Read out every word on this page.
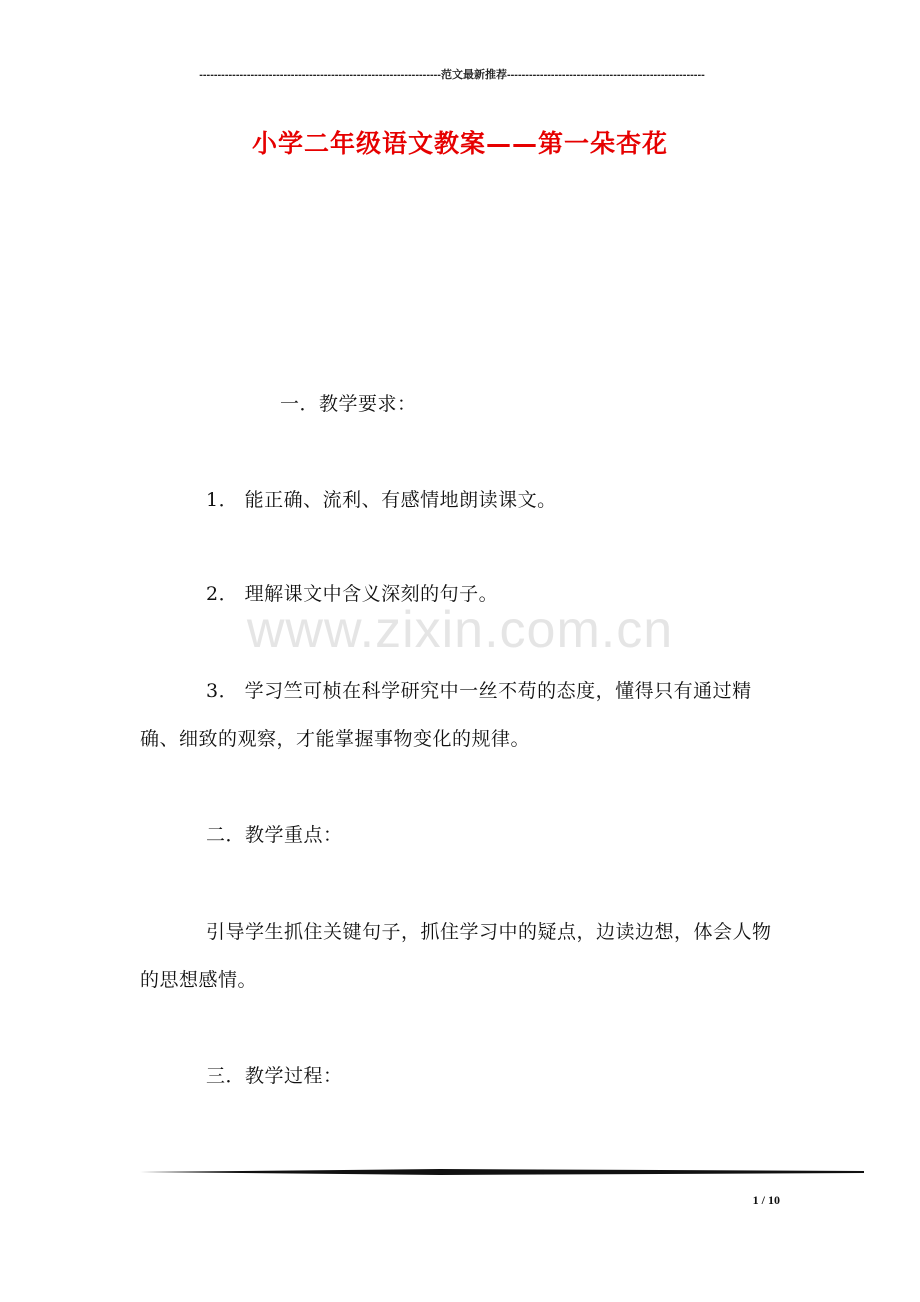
------------------------------------------------------------------范文最新推荐------------------------------------------------------
小学二年级语文教案——第一朵杏花
一．教学要求：
1． 能正确、流利、有感情地朗读课文。
2． 理解课文中含义深刻的句子。
3． 学习竺可桢在科学研究中一丝不苟的态度，懂得只有通过精确、细致的观察，才能掌握事物变化的规律。
二．教学重点：
引导学生抓住关键句子，抓住学习中的疑点，边读边想，体会人物的思想感情。
三．教学过程：
www.zixin.com.cn
1 / 10
